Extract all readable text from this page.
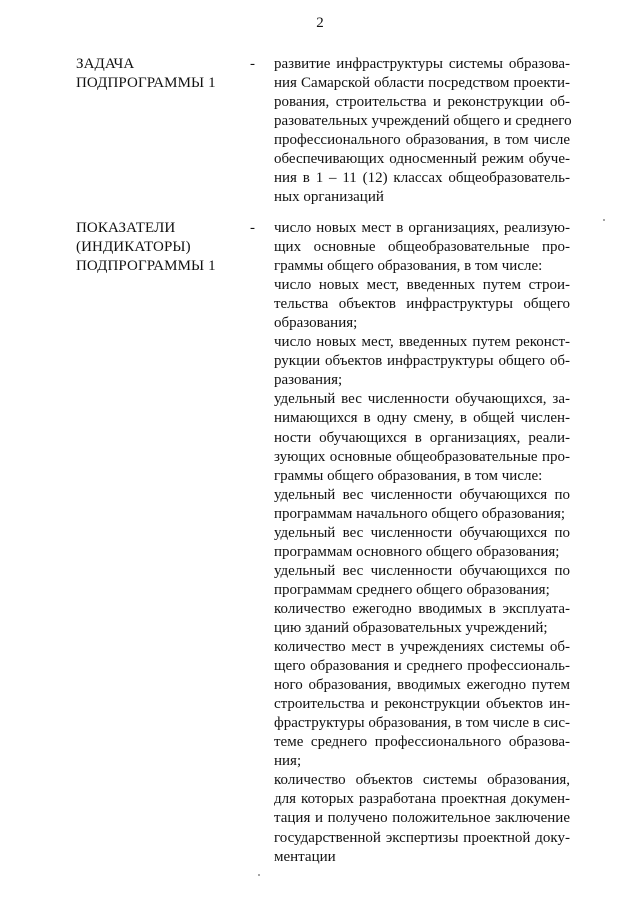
2
ЗАДАЧА
ПОДПРОГРАММЫ 1
- развитие инфраструктуры системы образова-
ния Самарской области посредством проекти-
рования, строительства и реконструкции об-
разовательных учреждений общего и среднего
профессионального образования, в том числе
обеспечивающих односменный режим обуче-
ния в 1 – 11 (12) классах общеобразователь-
ных организаций
ПОКАЗАТЕЛИ
(ИНДИКАТОРЫ)
ПОДПРОГРАММЫ 1
- число новых мест в организациях, реализую-
щих основные общеобразовательные про-
граммы общего образования, в том числе:
число новых мест, введенных путем строи-
тельства объектов инфраструктуры общего
образования;
число новых мест, введенных путем реконст-
рукции объектов инфраструктуры общего об-
разования;
удельный вес численности обучающихся, за-
нимающихся в одну смену, в общей числен-
ности обучающихся в организациях, реали-
зующих основные общеобразовательные про-
граммы общего образования, в том числе:
удельный вес численности обучающихся по
программам начального общего образования;
удельный вес численности обучающихся по
программам основного общего образования;
удельный вес численности обучающихся по
программам среднего общего образования;
количество ежегодно вводимых в эксплуата-
цию зданий образовательных учреждений;
количество мест в учреждениях системы об-
щего образования и среднего профессиональ-
ного образования, вводимых ежегодно путем
строительства и реконструкции объектов ин-
фраструктуры образования, в том числе в сис-
теме среднего профессионального образова-
ния;
количество объектов системы образования,
для которых разработана проектная докумен-
тация и получено положительное заключение
государственной экспертизы проектной доку-
ментации
